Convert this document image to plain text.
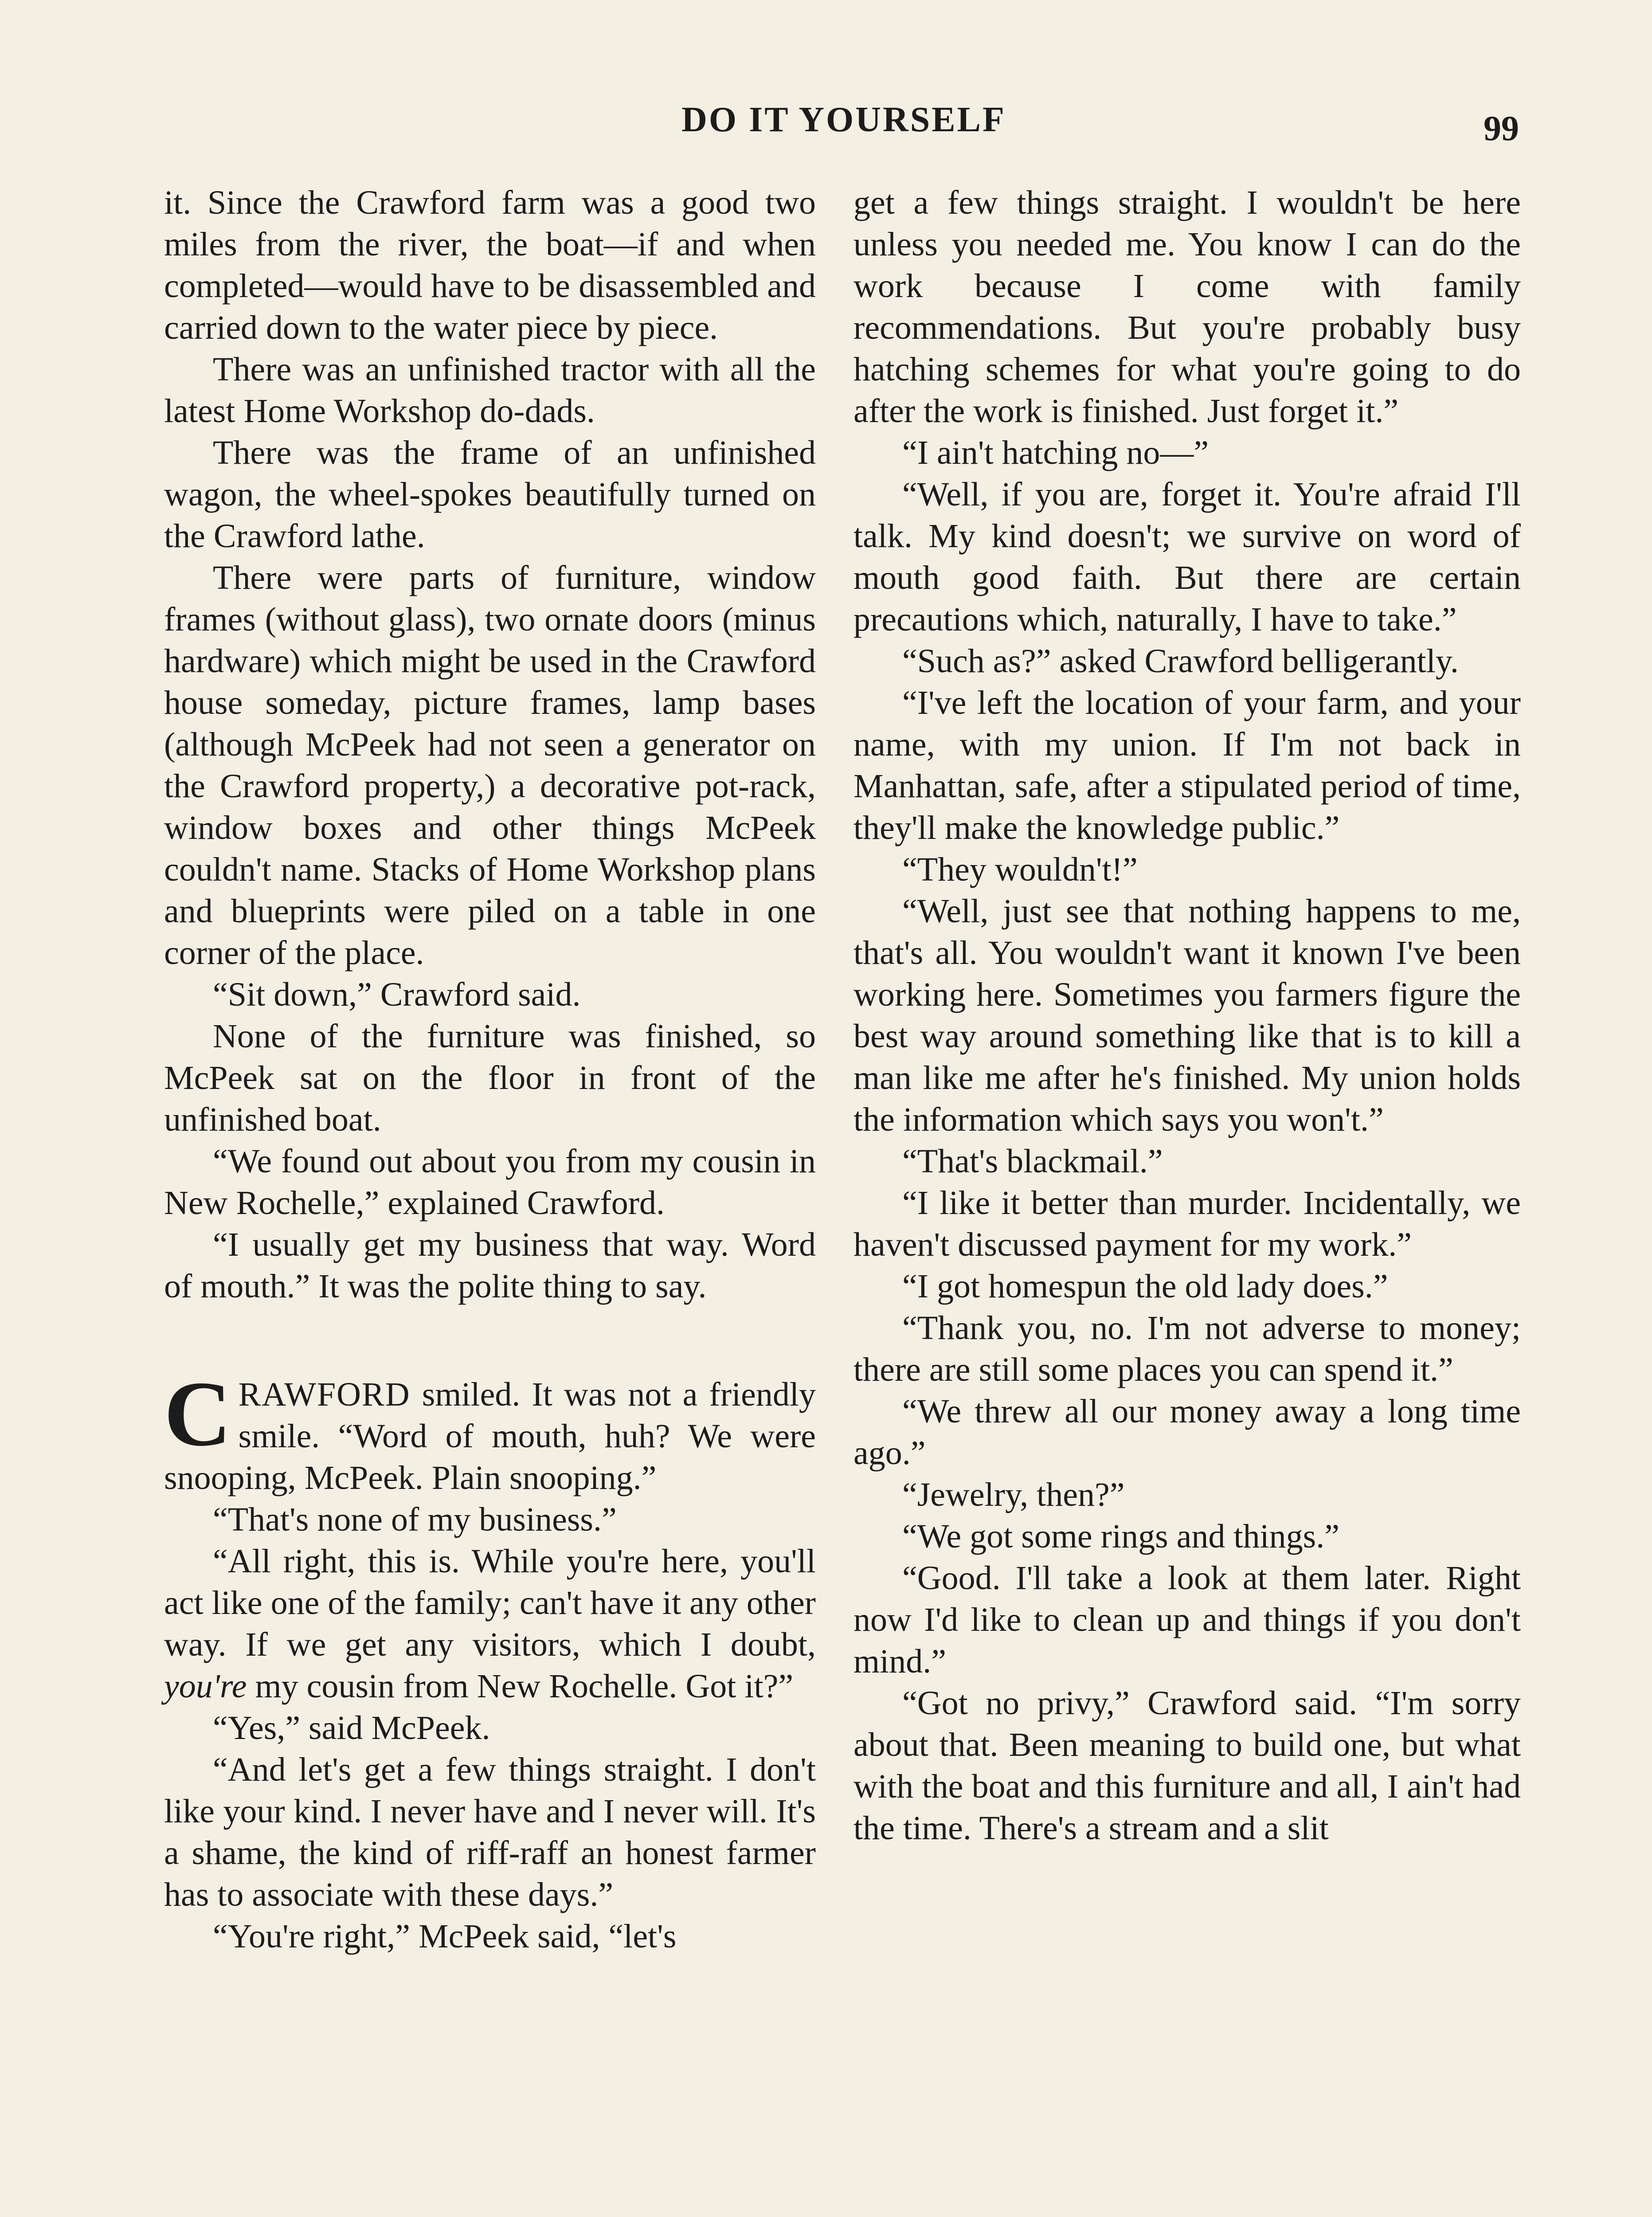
DO IT YOURSELF	99

it. Since the Crawford farm was a good two miles from the river, the boat—if and when completed—would have to be disassembled and carried down to the water piece by piece.

There was an unfinished tractor with all the latest Home Workshop do-dads.

There was the frame of an unfinished wagon, the wheel-spokes beautifully turned on the Crawford lathe.

There were parts of furniture, window frames (without glass), two ornate doors (minus hardware) which might be used in the Crawford house someday, picture frames, lamp bases (although McPeek had not seen a generator on the Crawford property,) a decorative pot-rack, window boxes and other things McPeek couldn't name. Stacks of Home Workshop plans and blueprints were piled on a table in one corner of the place.

“Sit down,” Crawford said.

None of the furniture was finished, so McPeek sat on the floor in front of the unfinished boat.

“We found out about you from my cousin in New Rochelle,” explained Crawford.

“I usually get my business that way. Word of mouth.” It was the polite thing to say.

CRAWFORD smiled. It was not a friendly smile. “Word of mouth, huh? We were snooping, McPeek. Plain snooping.”

“That's none of my business.”

“All right, this is. While you're here, you'll act like one of the family; can't have it any other way. If we get any visitors, which I doubt, you're my cousin from New Rochelle. Got it?”

“Yes,” said McPeek.

“And let's get a few things straight. I don't like your kind. I never have and I never will. It's a shame, the kind of riff-raff an honest farmer has to associate with these days.”

“You're right,” McPeek said, “let's

get a few things straight. I wouldn't be here unless you needed me. You know I can do the work because I come with family recommendations. But you're probably busy hatching schemes for what you're going to do after the work is finished. Just forget it.”

“I ain't hatching no—”

“Well, if you are, forget it. You're afraid I'll talk. My kind doesn't; we survive on word of mouth good faith. But there are certain precautions which, naturally, I have to take.”

“Such as?” asked Crawford belligerantly.

“I've left the location of your farm, and your name, with my union. If I'm not back in Manhattan, safe, after a stipulated period of time, they'll make the knowledge public.”

“They wouldn't!”

“Well, just see that nothing happens to me, that's all. You wouldn't want it known I've been working here. Sometimes you farmers figure the best way around something like that is to kill a man like me after he's finished. My union holds the information which says you won't.”

“That's blackmail.”

“I like it better than murder. Incidentally, we haven't discussed payment for my work.”

“I got homespun the old lady does.”

“Thank you, no. I'm not adverse to money; there are still some places you can spend it.”

“We threw all our money away a long time ago.”

“Jewelry, then?”

“We got some rings and things.”

“Good. I'll take a look at them later. Right now I'd like to clean up and things if you don't mind.”

“Got no privy,” Crawford said. “I'm sorry about that. Been meaning to build one, but what with the boat and this furniture and all, I ain't had the time. There's a stream and a slit
